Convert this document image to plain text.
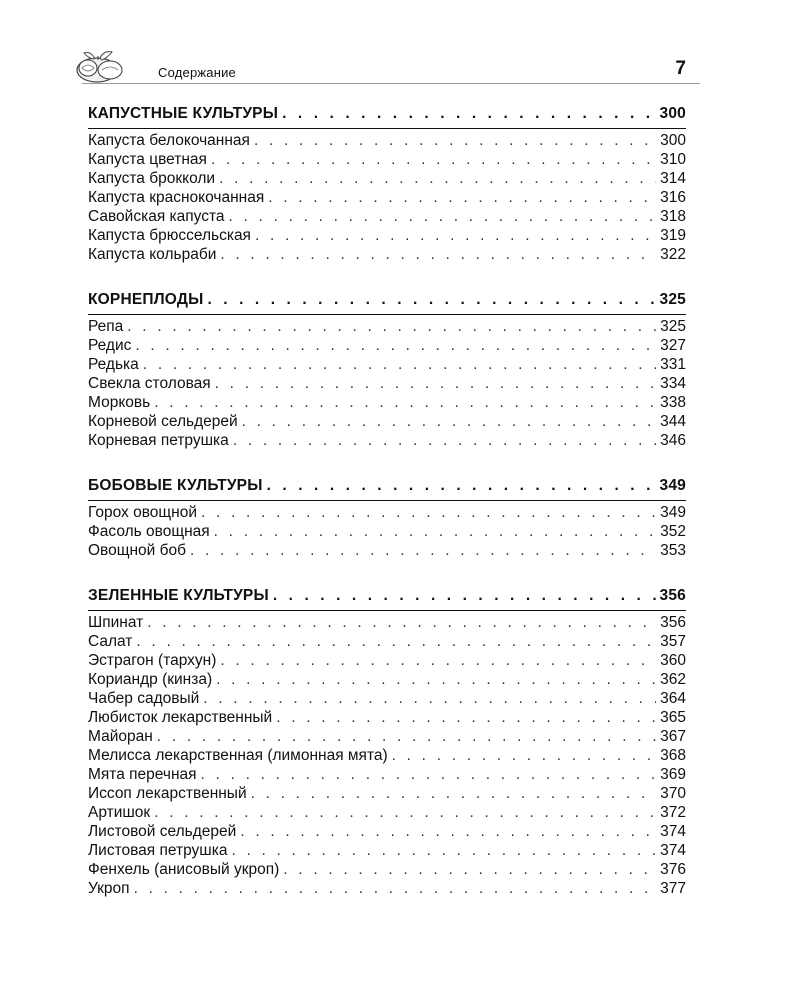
Содержание	7
КАПУСТНЫЕ КУЛЬТУРЫ . . .	300
Капуста белокочанная . . .	300
Капуста цветная . . .	310
Капуста брокколи . . .	314
Капуста краснокочанная . . .	316
Савойская капуста . . .	318
Капуста брюссельская . . .	319
Капуста кольраби . . .	322
КОРНЕПЛОДЫ . . .	325
Репа . . .	325
Редис . . .	327
Редька . . .	331
Свекла столовая . . .	334
Морковь . . .	338
Корневой сельдерей . . .	344
Корневая петрушка . . .	346
БОБОВЫЕ КУЛЬТУРЫ . . .	349
Горох овощной . . .	349
Фасоль овощная . . .	352
Овощной боб . . .	353
ЗЕЛЕННЫЕ КУЛЬТУРЫ . . .	356
Шпинат . . .	356
Салат . . .	357
Эстрагон (тархун) . . .	360
Кориандр (кинза) . . .	362
Чабер садовый . . .	364
Любисток лекарственный . . .	365
Майоран . . .	367
Мелисса лекарственная (лимонная мята) . . .	368
Мята перечная . . .	369
Иссоп лекарственный . . .	370
Артишок . . .	372
Листовой сельдерей . . .	374
Листовая петрушка . . .	374
Фенхель (анисовый укроп) . . .	376
Укроп . . .	377
